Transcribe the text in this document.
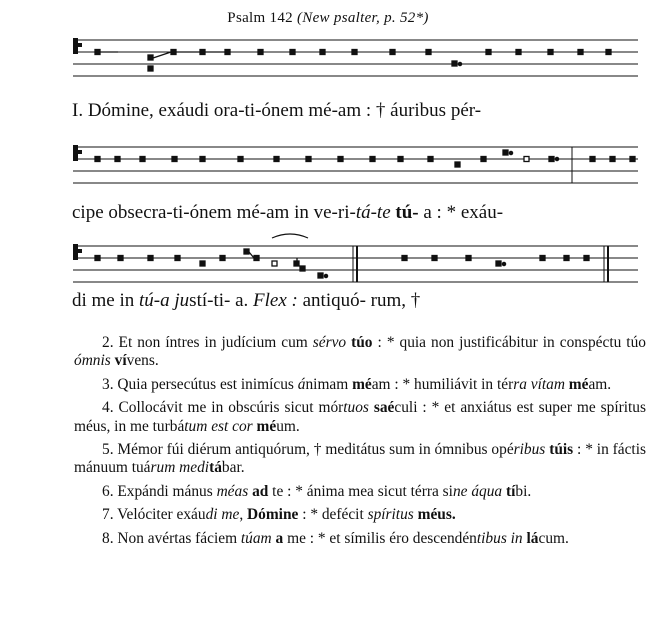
Psalm 142 (New psalter, p. 52*)
I. Dómine, exáudi ora-ti-ónem mé-am : † áuribus pér-
cipe obsecra-ti-ónem mé-am in ve-ri-tá-te tú- a : * exáu-
di me in tú-a justí-ti- a. Flex : antiquó- rum, †

2. Et non íntres in judícium cum sérvo túo : * quia non justificábitur in conspéctu túo ómnis vívens.

3. Quia persecútus est inimícus ánimam méam : * humiliávit in térra vítam méam.

4. Collocávit me in obscúris sicut mórtuos saéculi : * et anxiátus est super me spíritus méus, in me turbátum est cor méum.

5. Mémor fúi diérum antiquórum, † meditátus sum in ómnibus opéribus túis : * in fáctis mánuum tuárum meditábar.

6. Expándi mánus méas ad te : * ánima mea sicut térra sine áqua tíbi.

7. Velóciter exáudi me, Dómine : * defécit spíritus méus.

8. Non avértas fáciem túam a me : * et símilis éro descendéntibus in lácum.
